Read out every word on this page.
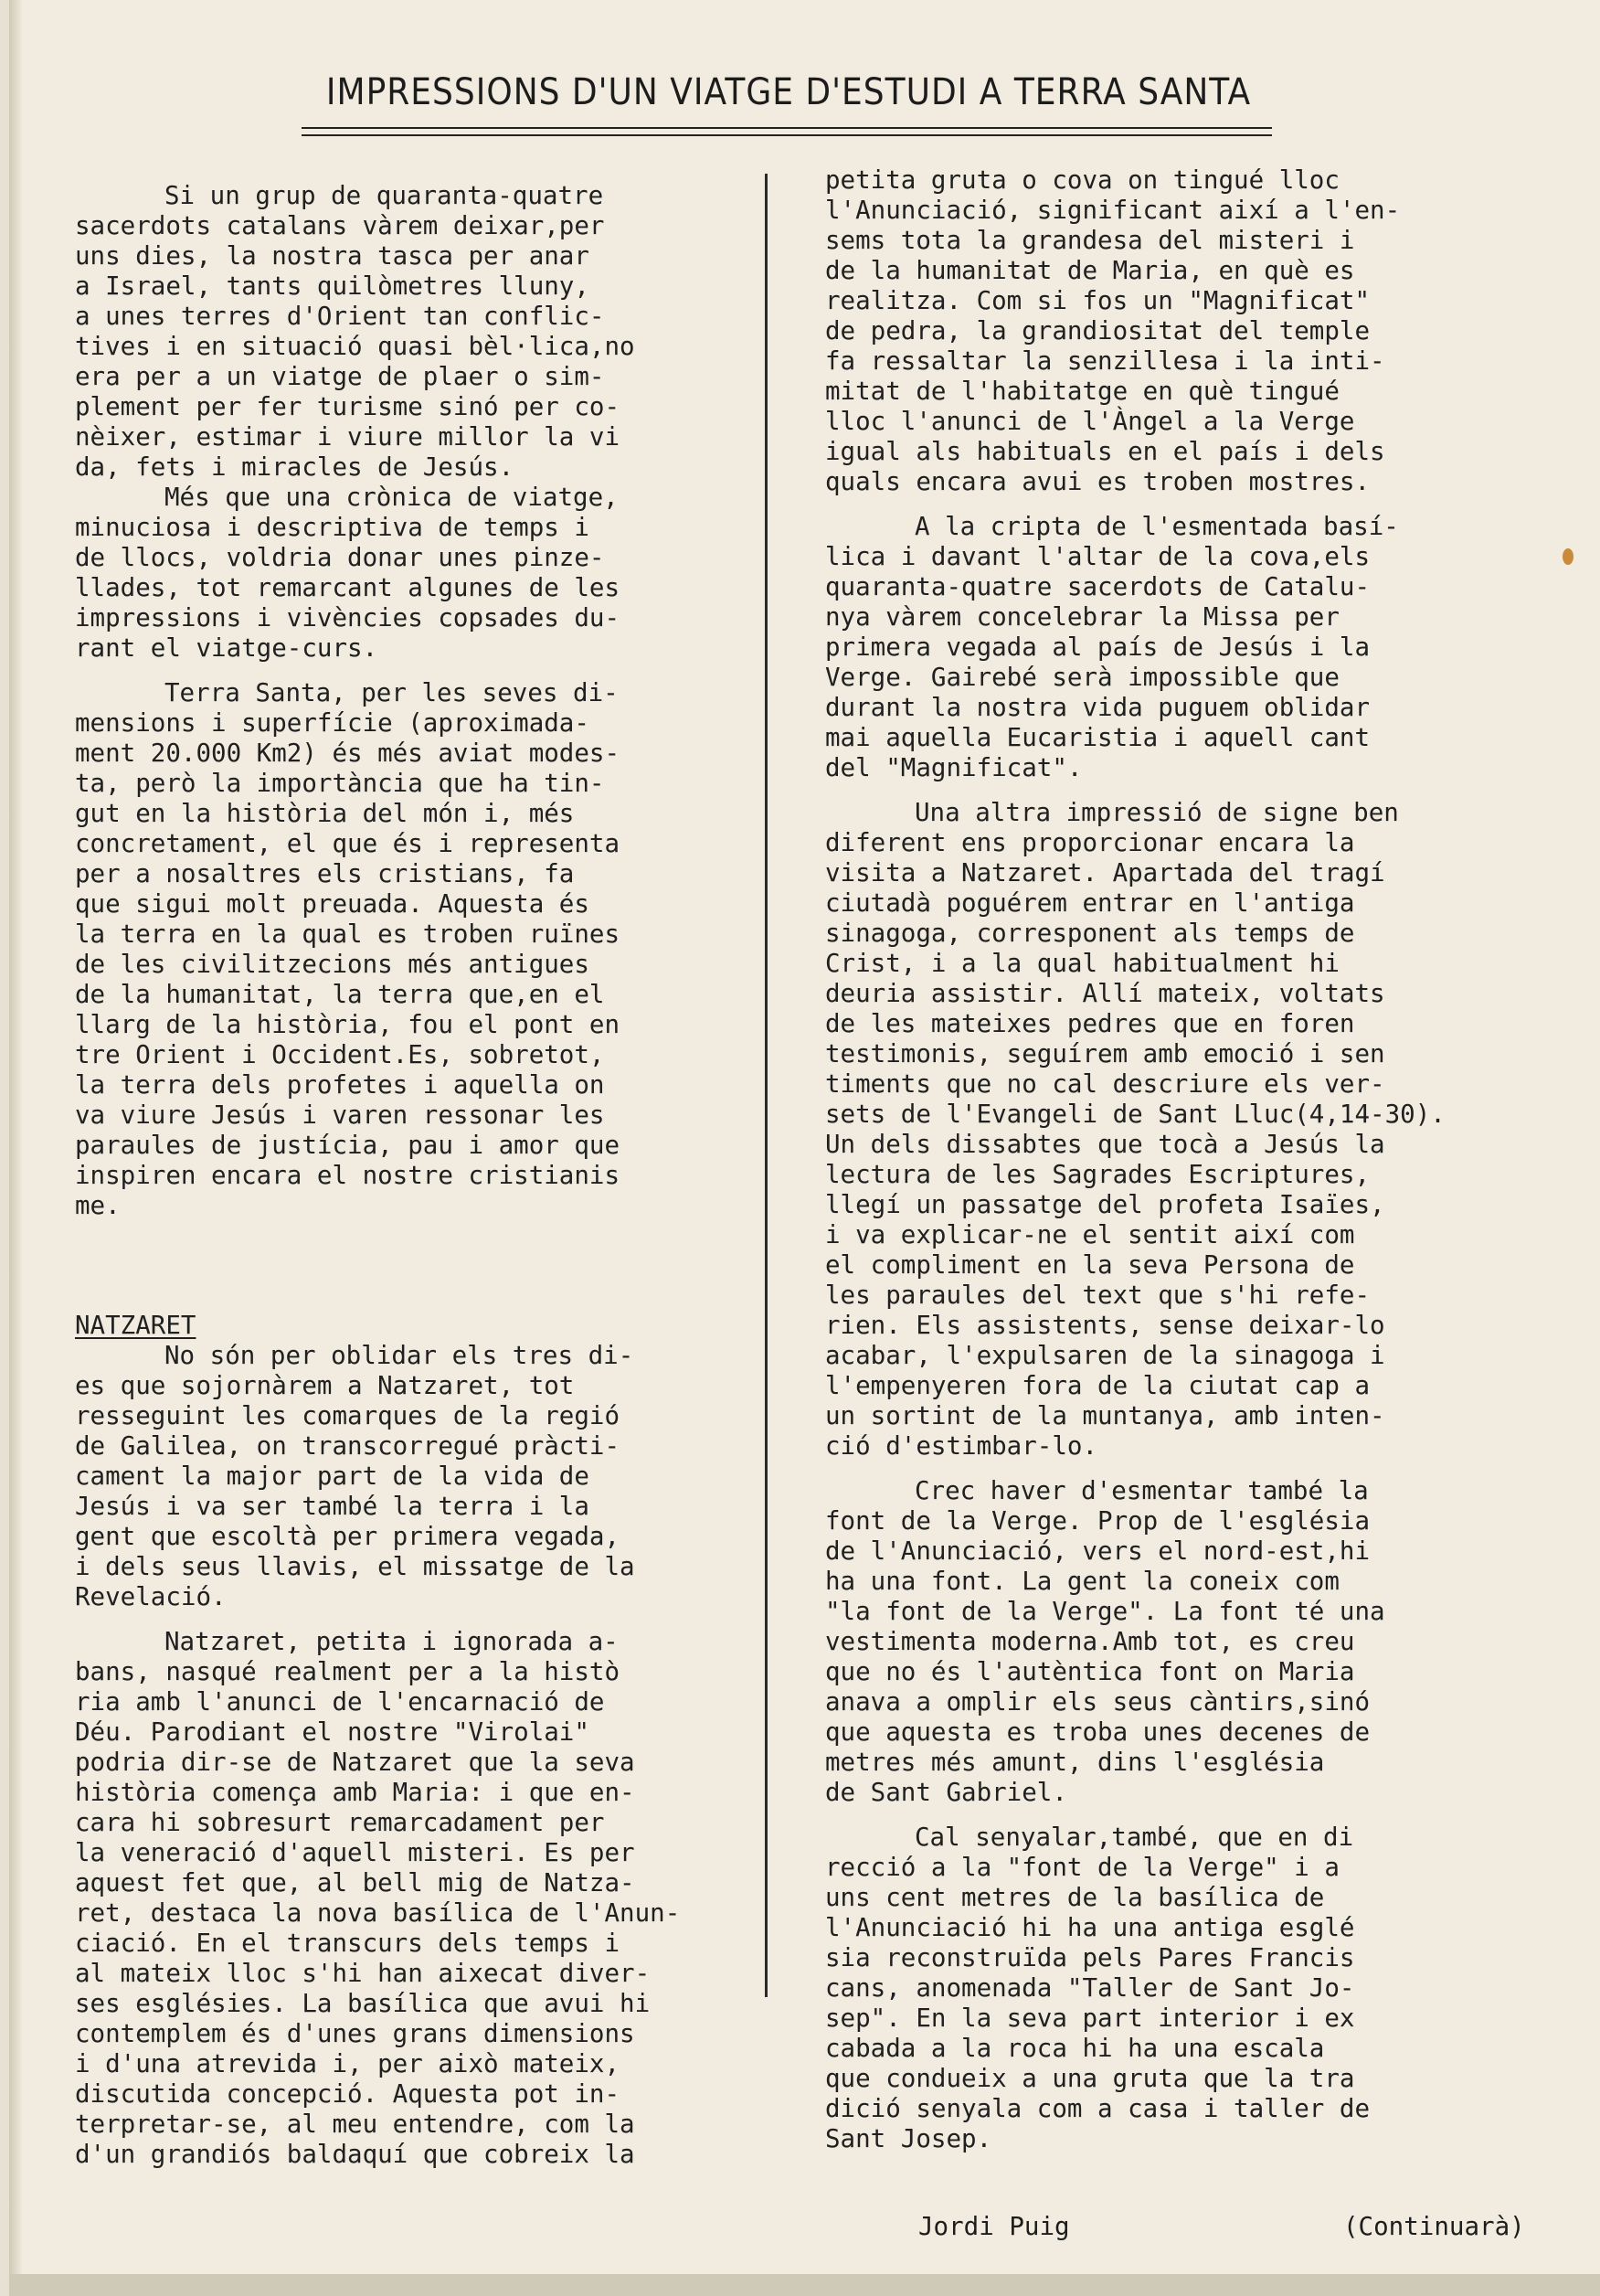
IMPRESSIONS D'UN VIATGE D'ESTUDI A TERRA SANTA
Si un grup de quaranta-quatre
sacerdots catalans vàrem deixar,per
uns dies, la nostra tasca per anar
a Israel, tants quilòmetres lluny,
a unes terres d'Orient tan conflic-
tives i en situació quasi bèl·lica,no
era per a un viatge de plaer o sim-
plement per fer turisme sinó per co-
nèixer, estimar i viure millor la vi
da, fets i miracles de Jesús.
Més que una crònica de viatge,
minuciosa i descriptiva de temps i
de llocs, voldria donar unes pinze-
llades, tot remarcant algunes de les
impressions i vivències copsades du-
rant el viatge-curs.
Terra Santa, per les seves di-
mensions i superfície (aproximada-
ment 20.000 Km2) és més aviat modes-
ta, però la importància que ha tin-
gut en la història del món i, més
concretament, el que és i representa
per a nosaltres els cristians, fa
que sigui molt preuada. Aquesta és
la terra en la qual es troben ruïnes
de les civilitzecions més antigues
de la humanitat, la terra que,en el
llarg de la història, fou el pont en
tre Orient i Occident.Es, sobretot,
la terra dels profetes i aquella on
va viure Jesús i varen ressonar les
paraules de justícia, pau i amor que
inspiren encara el nostre cristianis
me.
NATZARET
No són per oblidar els tres di-
es que sojornàrem a Natzaret, tot
resseguint les comarques de la regió
de Galilea, on transcorregué pràcti-
cament la major part de la vida de
Jesús i va ser també la terra i la
gent que escoltà per primera vegada,
i dels seus llavis, el missatge de la
Revelació.
Natzaret, petita i ignorada a-
bans, nasqué realment per a la histò
ria amb l'anunci de l'encarnació de
Déu. Parodiant el nostre "Virolai"
podria dir-se de Natzaret que la seva
història comença amb Maria: i que en-
cara hi sobresurt remarcadament per
la veneració d'aquell misteri. Es per
aquest fet que, al bell mig de Natza-
ret, destaca la nova basílica de l'Anun-
ciació. En el transcurs dels temps i
al mateix lloc s'hi han aixecat diver-
ses esglésies. La basílica que avui hi
contemplem és d'unes grans dimensions
i d'una atrevida i, per això mateix,
discutida concepció. Aquesta pot in-
terpretar-se, al meu entendre, com la
d'un grandiós baldaquí que cobreix la
petita gruta o cova on tingué lloc
l'Anunciació, significant així a l'en-
sems tota la grandesa del misteri i
de la humanitat de Maria, en què es
realitza. Com si fos un "Magnificat"
de pedra, la grandiositat del temple
fa ressaltar la senzillesa i la inti-
mitat de l'habitatge en què tingué
lloc l'anunci de l'Àngel a la Verge
igual als habituals en el país i dels
quals encara avui es troben mostres.
A la cripta de l'esmentada basí-
lica i davant l'altar de la cova,els
quaranta-quatre sacerdots de Catalu-
nya vàrem concelebrar la Missa per
primera vegada al país de Jesús i la
Verge. Gairebé serà impossible que
durant la nostra vida puguem oblidar
mai aquella Eucaristia i aquell cant
del "Magnificat".
Una altra impressió de signe ben
diferent ens proporcionar encara la
visita a Natzaret. Apartada del tragí
ciutadà poguérem entrar en l'antiga
sinagoga, corresponent als temps de
Crist, i a la qual habitualment hi
deuria assistir. Allí mateix, voltats
de les mateixes pedres que en foren
testimonis, seguírem amb emoció i sen
timents que no cal descriure els ver-
sets de l'Evangeli de Sant Lluc(4,14-30).
Un dels dissabtes que tocà a Jesús la
lectura de les Sagrades Escriptures,
llegí un passatge del profeta Isaïes,
i va explicar-ne el sentit així com
el compliment en la seva Persona de
les paraules del text que s'hi refe-
rien. Els assistents, sense deixar-lo
acabar, l'expulsaren de la sinagoga i
l'empenyeren fora de la ciutat cap a
un sortint de la muntanya, amb inten-
ció d'estimbar-lo.
Crec haver d'esmentar també la
font de la Verge. Prop de l'església
de l'Anunciació, vers el nord-est,hi
ha una font. La gent la coneix com
"la font de la Verge". La font té una
vestimenta moderna.Amb tot, es creu
que no és l'autèntica font on Maria
anava a omplir els seus càntirs,sinó
que aquesta es troba unes decenes de
metres més amunt, dins l'església
de Sant Gabriel.
Cal senyalar,també, que en di
recció a la "font de la Verge" i a
uns cent metres de la basílica de
l'Anunciació hi ha una antiga esglé
sia reconstruïda pels Pares Francis
cans, anomenada "Taller de Sant Jo-
sep". En la seva part interior i ex
cabada a la roca hi ha una escala
que condueix a una gruta que la tra
dició senyala com a casa i taller de
Sant Josep.
Jordi Puig	(Continuarà)
